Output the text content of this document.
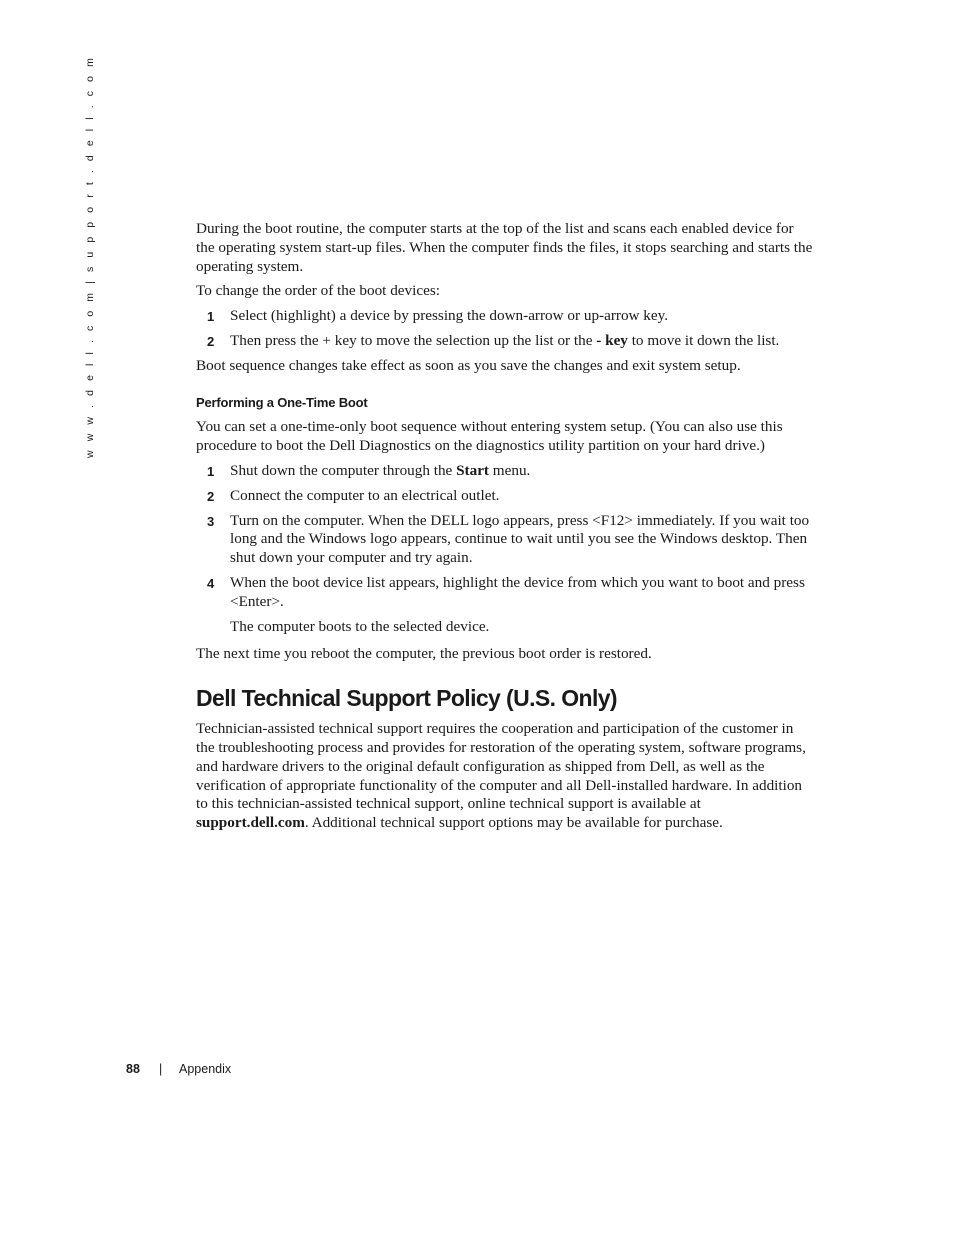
w w w . d e l l . c o m | s u p p o r t . d e l l . c o m	During the boot routine, the computer starts at the top of the list and scans each enabled device for the operating system start-up files. When the computer finds the files, it stops searching and starts the operating system.

To change the order of the boot devices:

1 Select (highlight) a device by pressing the down-arrow or up-arrow key.
2 Then press the + key to move the selection up the list or the - key to move it down the list.

Boot sequence changes take effect as soon as you save the changes and exit system setup.

Performing a One-Time Boot

You can set a one-time-only boot sequence without entering system setup. (You can also use this procedure to boot the Dell Diagnostics on the diagnostics utility partition on your hard drive.)

1 Shut down the computer through the Start menu.
2 Connect the computer to an electrical outlet.
3 Turn on the computer. When the DELL logo appears, press <F12> immediately. If you wait too long and the Windows logo appears, continue to wait until you see the Windows desktop. Then shut down your computer and try again.
4 When the boot device list appears, highlight the device from which you want to boot and press <Enter>.

The computer boots to the selected device.

The next time you reboot the computer, the previous boot order is restored.

Dell Technical Support Policy (U.S. Only)

Technician-assisted technical support requires the cooperation and participation of the customer in the troubleshooting process and provides for restoration of the operating system, software programs, and hardware drivers to the original default configuration as shipped from Dell, as well as the verification of appropriate functionality of the computer and all Dell-installed hardware. In addition to this technician-assisted technical support, online technical support is available at support.dell.com. Additional technical support options may be available for purchase.

88 | Appendix
